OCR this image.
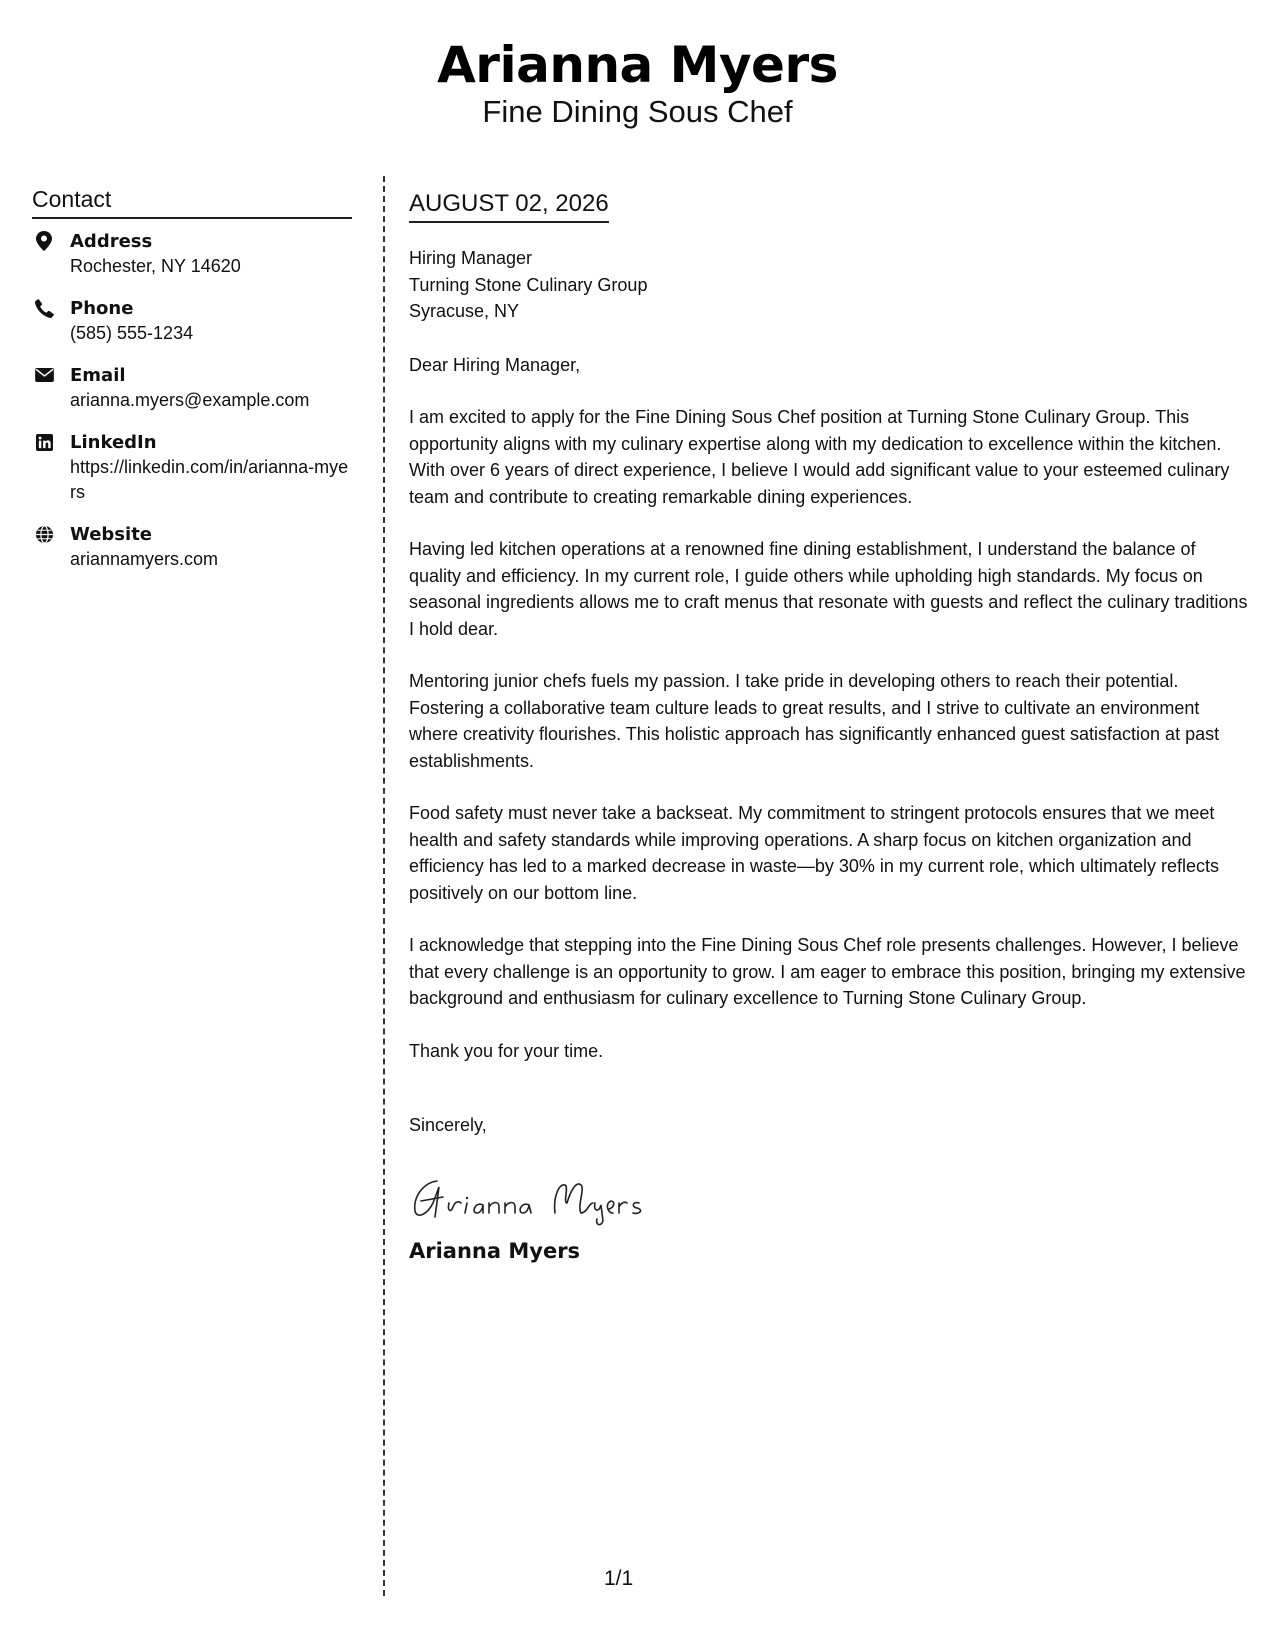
Arianna Myers
Fine Dining Sous Chef
Contact
Address
Rochester, NY 14620
Phone
(585) 555-1234
Email
arianna.myers@example.com
LinkedIn
https://linkedin.com/in/arianna-myers
Website
ariannamyers.com
AUGUST 02, 2026
Hiring Manager
Turning Stone Culinary Group
Syracuse, NY
Dear Hiring Manager,
I am excited to apply for the Fine Dining Sous Chef position at Turning Stone Culinary Group. This opportunity aligns with my culinary expertise along with my dedication to excellence within the kitchen. With over 6 years of direct experience, I believe I would add significant value to your esteemed culinary team and contribute to creating remarkable dining experiences.
Having led kitchen operations at a renowned fine dining establishment, I understand the balance of quality and efficiency. In my current role, I guide others while upholding high standards. My focus on seasonal ingredients allows me to craft menus that resonate with guests and reflect the culinary traditions I hold dear.
Mentoring junior chefs fuels my passion. I take pride in developing others to reach their potential. Fostering a collaborative team culture leads to great results, and I strive to cultivate an environment where creativity flourishes. This holistic approach has significantly enhanced guest satisfaction at past establishments.
Food safety must never take a backseat. My commitment to stringent protocols ensures that we meet health and safety standards while improving operations. A sharp focus on kitchen organization and efficiency has led to a marked decrease in waste—by 30% in my current role, which ultimately reflects positively on our bottom line.
I acknowledge that stepping into the Fine Dining Sous Chef role presents challenges. However, I believe that every challenge is an opportunity to grow. I am eager to embrace this position, bringing my extensive background and enthusiasm for culinary excellence to Turning Stone Culinary Group.
Thank you for your time.
Sincerely,
Arianna Myers
1/1
